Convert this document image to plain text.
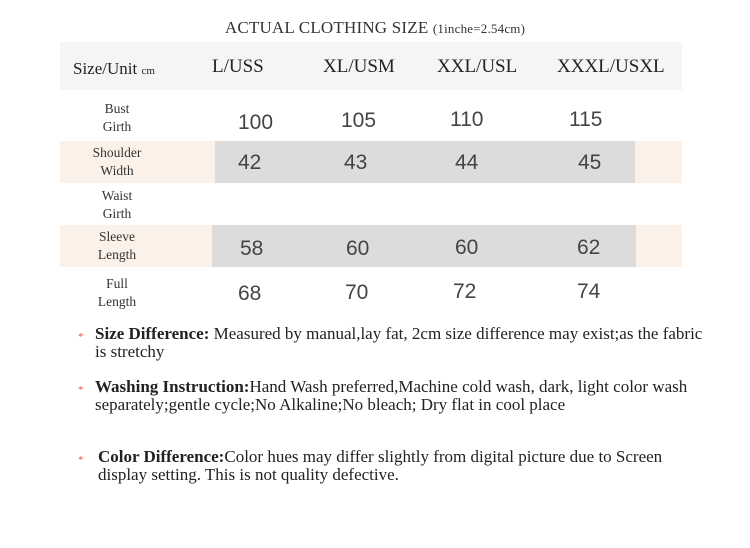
ACTUAL CLOTHING SIZE (1inche=2.54cm)
Size/Unit cm	L/USS	XL/USM XXL/USL XXXL/USXL
Bust
Girth	100	105	110	115
Shoulder
Width	42	43	44	45
Waist
Girth
Sleeve
Length	58	60	60	62
Full
Length	68	70	72	74
* Size Difference: Measured by manual,lay fat, 2cm size difference may exist;as the fabric is stretchy
* Washing Instruction:Hand Wash preferred,Machine cold wash, dark, light color wash separately;gentle cycle;No Alkaline;No bleach; Dry flat in cool place
* Color Difference:Color hues may differ slightly from digital picture due to Screen display setting. This is not quality defective.
